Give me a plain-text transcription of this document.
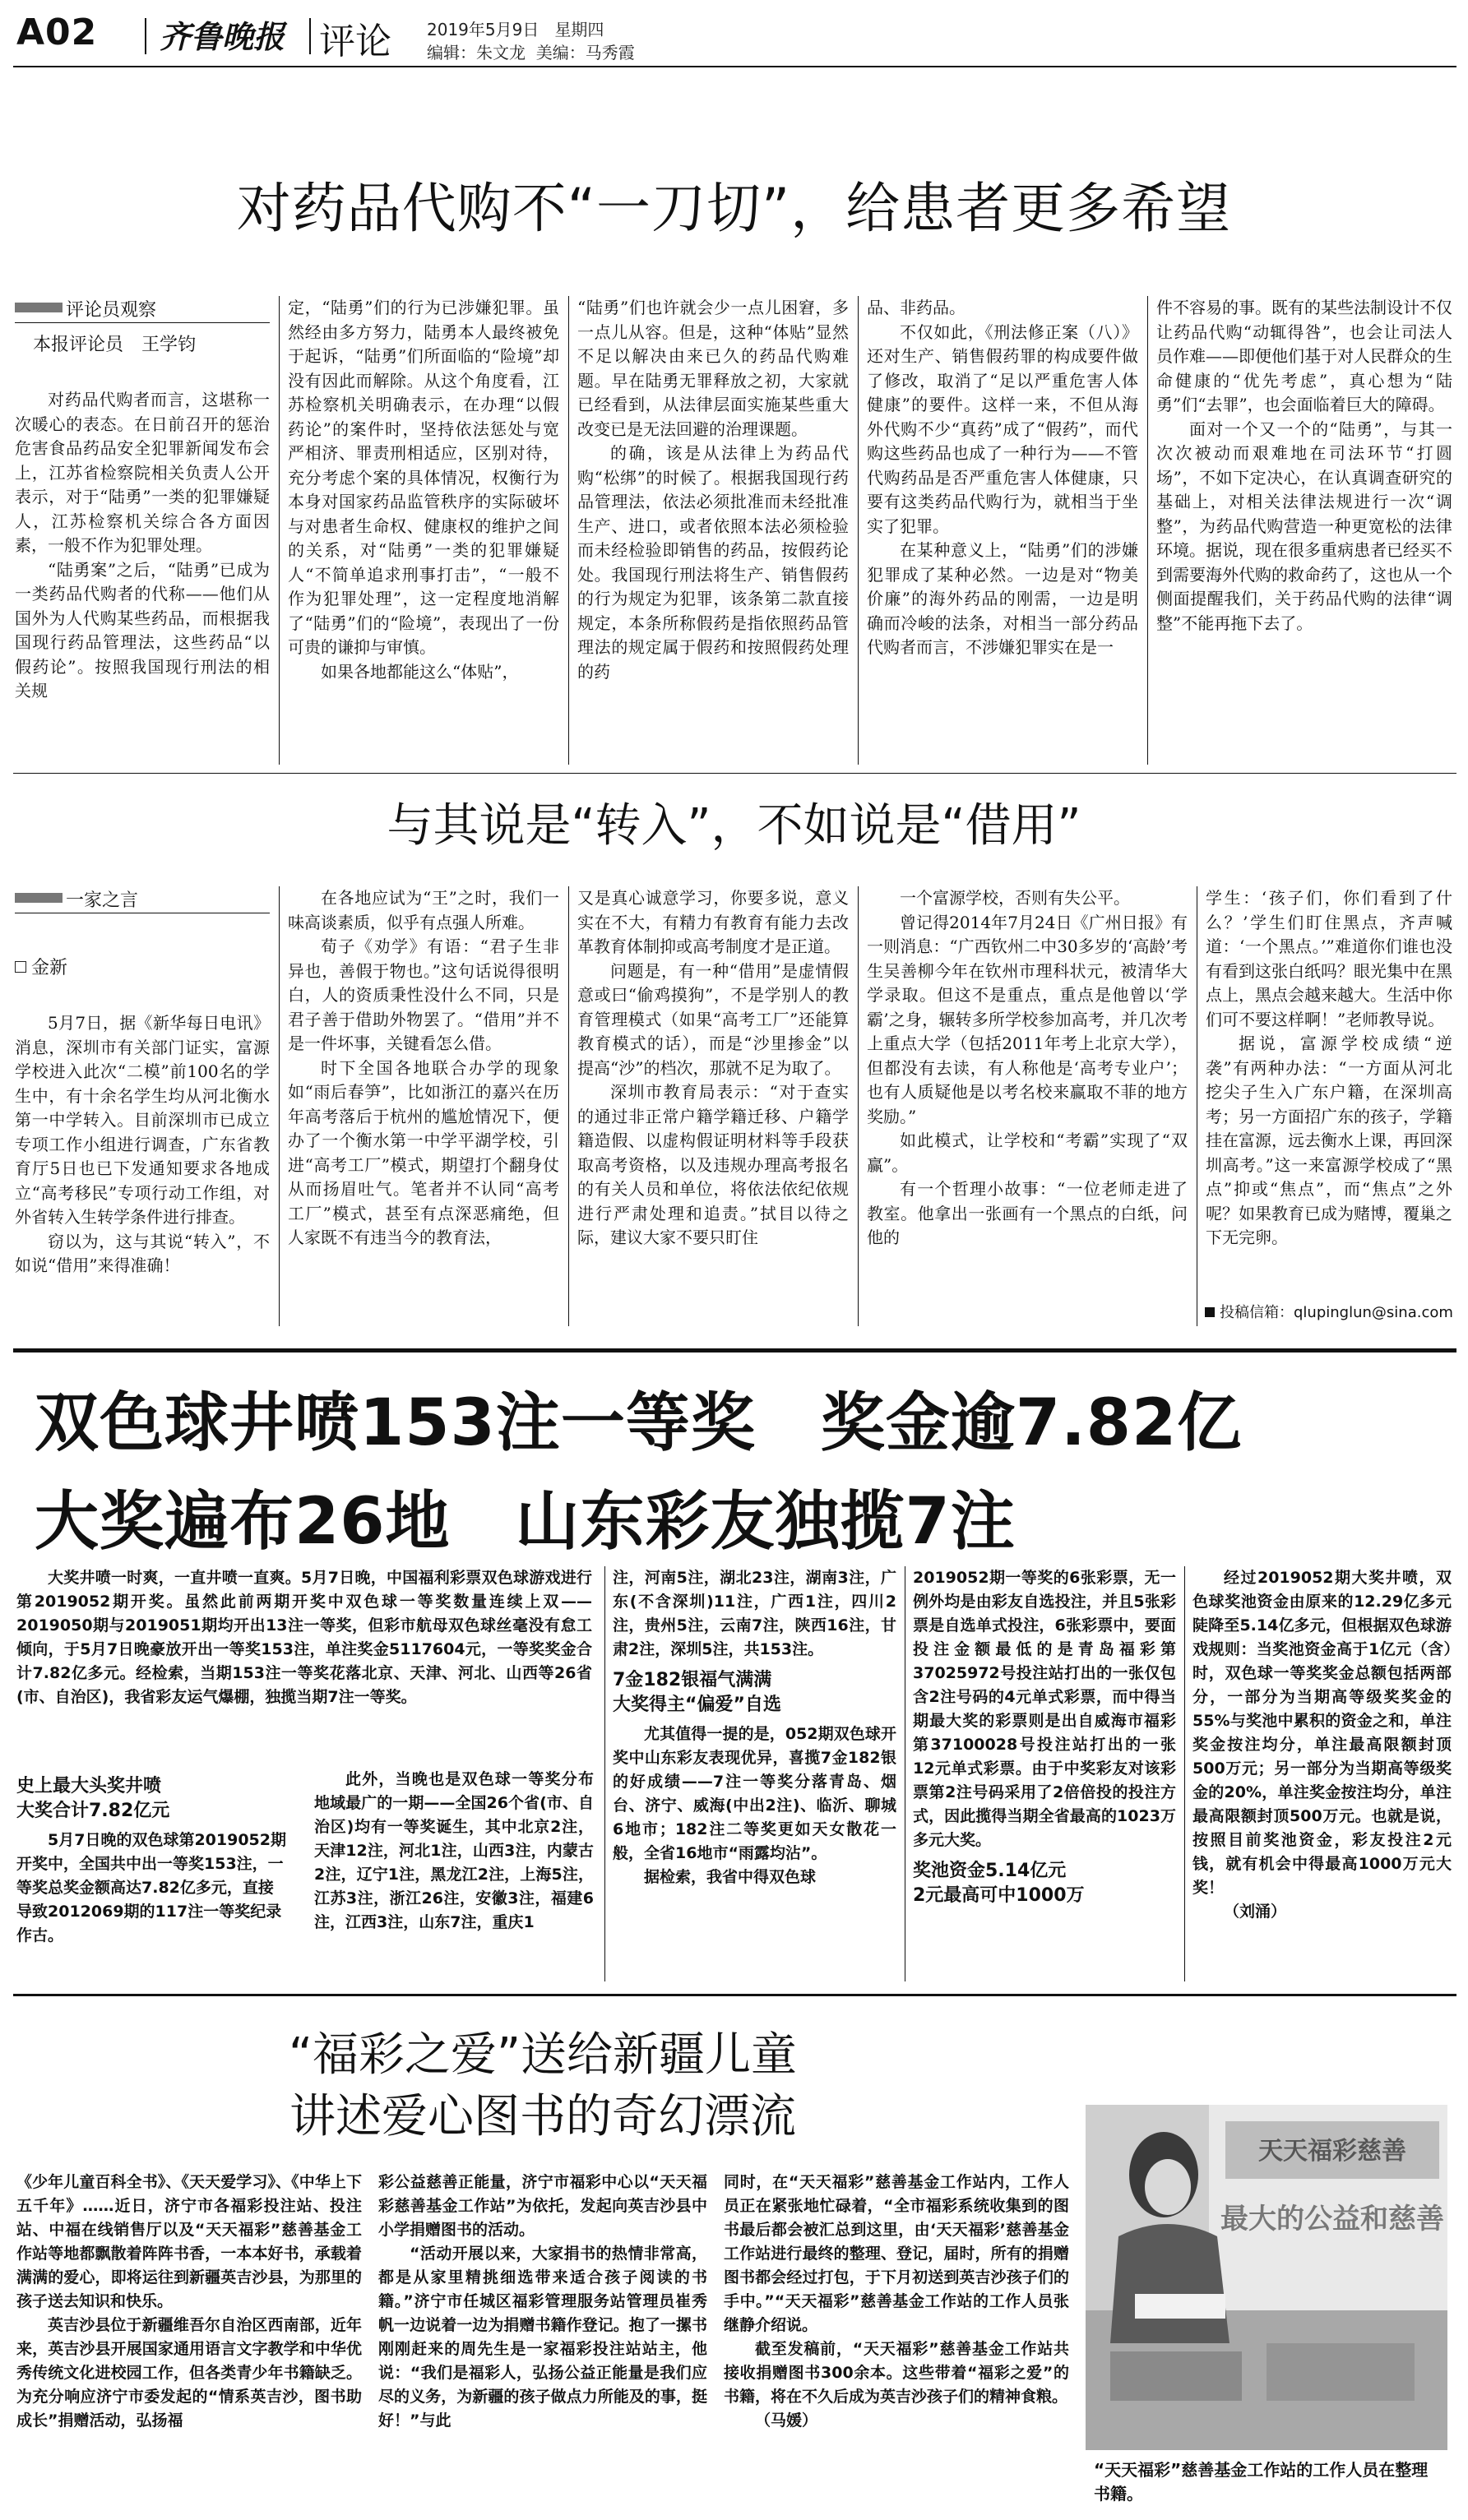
A02 齐鲁晚报 评论 2019年5月9日 星期四
编辑：朱文龙 美编：马秀霞
对药品代购不“一刀切”，给患者更多希望
评论员观察
本报评论员　王学钧

对药品代购者而言，这堪称一次暖心的表态。在日前召开的惩治危害食品药品安全犯罪新闻发布会上，江苏省检察院相关负责人公开表示，对于“陆勇”一类的犯罪嫌疑人，江苏检察机关综合各方面因素，一般不作为犯罪处理。

“陆勇案”之后，“陆勇”已成为一类药品代购者的代称——他们从国外为人代购某些药品，而根据我国现行药品管理法，这些药品“以假药论”。按照我国现行刑法的相关规

定，“陆勇”们的行为已涉嫌犯罪。虽然经由多方努力，陆勇本人最终被免于起诉，“陆勇”们所面临的“险境”却没有因此而解除。从这个角度看，江苏检察机关明确表示，在办理“以假药论”的案件时，坚持依法惩处与宽严相济、罪责刑相适应，区别对待，充分考虑个案的具体情况，权衡行为本身对国家药品监管秩序的实际破坏与对患者生命权、健康权的维护之间的关系，对“陆勇”一类的犯罪嫌疑人“不简单追求刑事打击”，“一般不作为犯罪处理”，这一定程度地消解了“陆勇”们的“险境”，表现出了一份可贵的谦抑与审慎。

如果各地都能这么“体贴”，

“陆勇”们也许就会少一点儿困窘，多一点儿从容。但是，这种“体贴”显然不足以解决由来已久的药品代购难题。早在陆勇无罪释放之初，大家就已经看到，从法律层面实施某些重大改变已是无法回避的治理课题。

的确，该是从法律上为药品代购“松绑”的时候了。根据我国现行药品管理法，依法必须批准而未经批准生产、进口，或者依照本法必须检验而未经检验即销售的药品，按假药论处。我国现行刑法将生产、销售假药的行为规定为犯罪，该条第二款直接规定，本条所称假药是指依照药品管理法的规定属于假药和按照假药处理的药

品、非药品。

不仅如此，《刑法修正案（八）》还对生产、销售假药罪的构成要件做了修改，取消了“足以严重危害人体健康”的要件。这样一来，不但从海外代购不少“真药”成了“假药”，而代购这些药品也成了一种行为——不管代购药品是否严重危害人体健康，只要有这类药品代购行为，就相当于坐实了犯罪。

在某种意义上，“陆勇”们的涉嫌犯罪成了某种必然。一边是对“物美价廉”的海外药品的刚需，一边是明确而冷峻的法条，对相当一部分药品代购者而言，不涉嫌犯罪实在是一

件不容易的事。既有的某些法制设计不仅让药品代购“动辄得咎”，也会让司法人员作难——即便他们基于对人民群众的生命健康的“优先考虑”，真心想为“陆勇”们“去罪”，也会面临着巨大的障碍。

面对一个又一个的“陆勇”，与其一次次被动而艰难地在司法环节“打圆场”，不如下定决心，在认真调查研究的基础上，对相关法律法规进行一次“调整”，为药品代购营造一种更宽松的法律环境。据说，现在很多重病患者已经买不到需要海外代购的救命药了，这也从一个侧面提醒我们，关于药品代购的法律“调整”不能再拖下去了。

与其说是“转入”，不如说是“借用”
一家之言
金新

5月7日，据《新华每日电讯》消息，深圳市有关部门证实，富源学校进入此次“二模”前100名的学生中，有十余名学生均从河北衡水第一中学转入。目前深圳市已成立专项工作小组进行调查，广东省教育厅5日也已下发通知要求各地成立“高考移民”专项行动工作组，对外省转入生转学条件进行排查。

窃以为，这与其说“转入”，不如说“借用”来得准确！

在各地应试为“王”之时，我们一味高谈素质，似乎有点强人所难。

荀子《劝学》有语：“君子生非异也，善假于物也。”这句话说得很明白，人的资质秉性没什么不同，只是君子善于借助外物罢了。“借用”并不是一件坏事，关键看怎么借。

时下全国各地联合办学的现象如“雨后春笋”，比如浙江的嘉兴在历年高考落后于杭州的尴尬情况下，便办了一个衡水第一中学平湖学校，引进“高考工厂”模式，期望打个翻身仗从而扬眉吐气。笔者并不认同“高考工厂”模式，甚至有点深恶痛绝，但人家既不有违当今的教育法，

又是真心诚意学习，你要多说，意义实在不大，有精力有教育有能力去改革教育体制抑或高考制度才是正道。

问题是，有一种“借用”是虚情假意或曰“偷鸡摸狗”，不是学别人的教育管理模式（如果“高考工厂”还能算教育模式的话），而是“沙里掺金”以提高“沙”的档次，那就不足为取了。

深圳市教育局表示：“对于查实的通过非正常户籍学籍迁移、户籍学籍造假、以虚构假证明材料等手段获取高考资格，以及违规办理高考报名的有关人员和单位，将依法依纪依规进行严肃处理和追责。”拭目以待之际，建议大家不要只盯住

一个富源学校，否则有失公平。

曾记得2014年7月24日《广州日报》有一则消息：“广西钦州二中30多岁的‘高龄’考生吴善柳今年在钦州市理科状元，被清华大学录取。但这不是重点，重点是他曾以‘学霸’之身，辗转多所学校参加高考，并几次考上重点大学（包括2011年考上北京大学），但都没有去读，有人称他是‘高考专业户’；也有人质疑他是以考名校来赢取不菲的地方奖励。”

如此模式，让学校和“考霸”实现了“双赢”。

有一个哲理小故事：“一位老师走进了教室。他拿出一张画有一个黑点的白纸，问他的

学生：‘孩子们，你们看到了什么？’学生们盯住黑点，齐声喊道：‘一个黑点。’”难道你们谁也没有看到这张白纸吗？眼光集中在黑点上，黑点会越来越大。生活中你们可不要这样啊！”老师教导说。

据说，富源学校成绩“逆袭”有两种办法：“一方面从河北挖尖子生入广东户籍，在深圳高考；另一方面招广东的孩子，学籍挂在富源，远去衡水上课，再回深圳高考。”这一来富源学校成了“黑点”抑或“焦点”，而“焦点”之外呢？如果教育已成为赌博，覆巢之下无完卵。

投稿信箱：qlupinglun@sina.com
双色球井喷153注一等奖　奖金逾7.82亿
大奖遍布26地　山东彩友独揽7注

大奖井喷一时爽，一直井喷一直爽。5月7日晚，中国福利彩票双色球游戏进行第2019052期开奖。虽然此前两期开奖中双色球一等奖数量连续上双——2019050期与2019051期均开出13注一等奖，但彩市航母双色球丝毫没有怠工倾向，于5月7日晚豪放开出一等奖153注，单注奖金5117604元，一等奖奖金合计7.82亿多元。经检索，当期153注一等奖花落北京、天津、河北、山西等26省(市、自治区)，我省彩友运气爆棚，独揽当期7注一等奖。

史上最大头奖井喷
大奖合计7.82亿元

5月7日晚的双色球第2019052期开奖中，全国共中出一等奖153注，一等奖总奖金额高达7.82亿多元，直接导致2012069期的117注一等奖纪录作古。

此外，当晚也是双色球一等奖分布地域最广的一期——全国26个省(市、自治区)均有一等奖诞生，其中北京2注，天津12注，河北1注，山西3注，内蒙古2注，辽宁1注，黑龙江2注，上海5注，江苏3注，浙江26注，安徽3注，福建6注，江西3注，山东7注，重庆1

注，河南5注，湖北23注，湖南3注，广东(不含深圳)11注，广西1注，四川2注，贵州5注，云南7注，陕西16注，甘肃2注，深圳5注，共153注。

7金182银福气满满
大奖得主“偏爱”自选

尤其值得一提的是，052期双色球开奖中山东彩友表现优异，喜揽7金182银的好成绩——7注一等奖分落青岛、烟台、济宁、威海(中出2注)、临沂、聊城6地市；182注二等奖更如天女散花一般，全省16地市“雨露均沾”。

据检索，我省中得双色球

2019052期一等奖的6张彩票，无一例外均是由彩友自选投注，并且5张彩票是自选单式投注，6张彩票中，要面投注金额最低的是青岛福彩第37025972号投注站打出的一张仅包含2注号码的4元单式彩票，而中得当期最大奖的彩票则是出自威海市福彩第37100028号投注站打出的一张12元单式彩票。由于中奖彩友对该彩票第2注号码采用了2倍倍投的投注方式，因此揽得当期全省最高的1023万多元大奖。

奖池资金5.14亿元
2元最高可中1000万

经过2019052期大奖井喷，双色球奖池资金由原来的12.29亿多元陡降至5.14亿多元，但根据双色球游戏规则：当奖池资金高于1亿元（含）时，双色球一等奖奖金总额包括两部分，一部分为当期高等级奖奖金的55%与奖池中累积的资金之和，单注奖金按注均分，单注最高限额封顶500万元；另一部分为当期高等级奖金的20%，单注奖金按注均分，单注最高限额封顶500万元。也就是说，按照目前奖池资金，彩友投注2元钱，就有机会中得最高1000万元大奖！

（刘涌）

“福彩之爱”送给新疆儿童
讲述爱心图书的奇幻漂流

《少年儿童百科全书》、《天天爱学习》、《中华上下五千年》……近日，济宁市各福彩投注站、投注站、中福在线销售厅以及“天天福彩”慈善基金工作站等地都飘散着阵阵书香，一本本好书，承载着满满的爱心，即将运往到新疆英吉沙县，为那里的孩子送去知识和快乐。

英吉沙县位于新疆维吾尔自治区西南部，近年来，英吉沙县开展国家通用语言文字教学和中华优秀传统文化进校园工作，但各类青少年书籍缺乏。为充分响应济宁市委发起的“情系英吉沙，图书助成长”捐赠活动，弘扬福

彩公益慈善正能量，济宁市福彩中心以“天天福彩慈善基金工作站”为依托，发起向英吉沙县中小学捐赠图书的活动。

“活动开展以来，大家捐书的热情非常高，都是从家里精挑细选带来适合孩子阅读的书籍。”济宁市任城区福彩管理服务站管理员崔秀帆一边说着一边为捐赠书籍作登记。抱了一摞书刚刚赶来的周先生是一家福彩投注站站主，他说：“我们是福彩人，弘扬公益正能量是我们应尽的义务，为新疆的孩子做点力所能及的事，挺好！”与此

同时，在“天天福彩”慈善基金工作站内，工作人员正在紧张地忙碌着，“全市福彩系统收集到的图书最后都会被汇总到这里，由‘天天福彩’慈善基金工作站进行最终的整理、登记，届时，所有的捐赠图书都会经过打包，于下月初送到英吉沙孩子们的手中。”“天天福彩”慈善基金工作站的工作人员张继静介绍说。

截至发稿前，“天天福彩”慈善基金工作站共接收捐赠图书300余本。这些带着“福彩之爱”的书籍，将在不久后成为英吉沙孩子们的精神食粮。

（马媛）

天天福彩慈善
最大的公益和慈善
“天天福彩”慈善基金工作站的工作人员在整理书籍。
